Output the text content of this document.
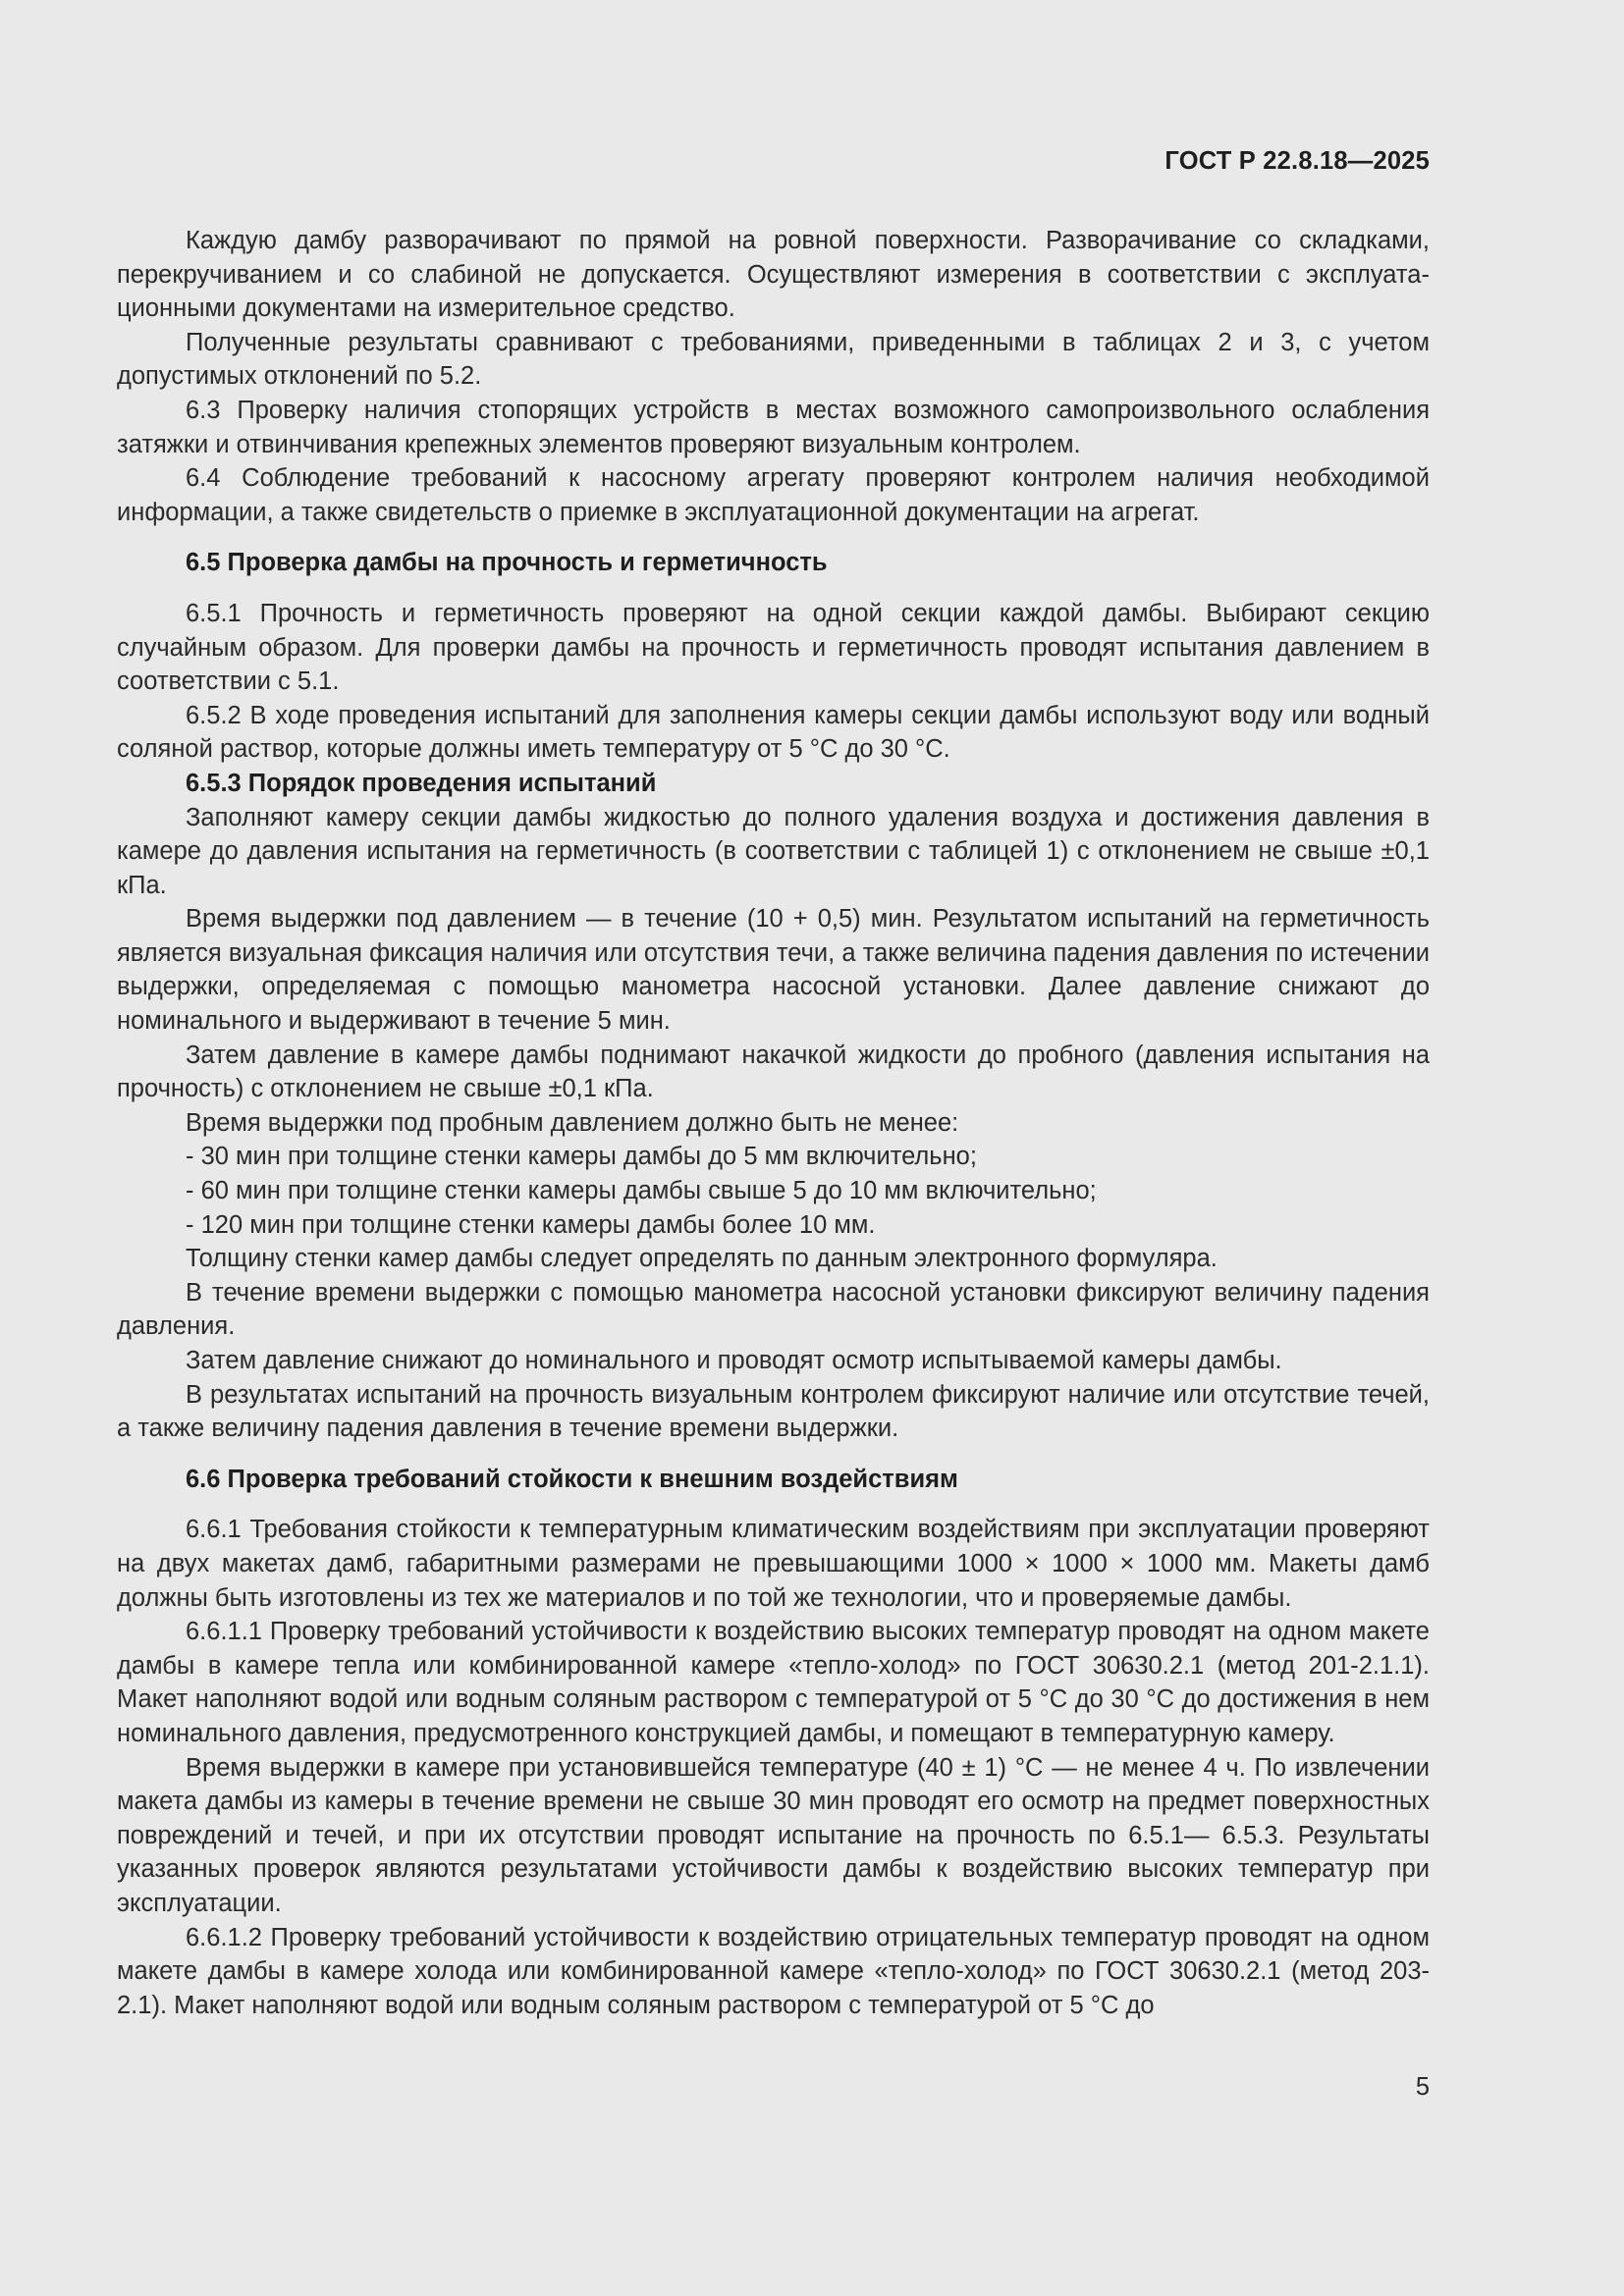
ГОСТ Р 22.8.18—2025

Каждую дамбу разворачивают по прямой на ровной поверхности. Разворачивание со складками, перекручиванием и со слабиной не допускается. Осуществляют измерения в соответствии с эксплуатационными документами на измерительное средство.

Полученные результаты сравнивают с требованиями, приведенными в таблицах 2 и 3, с учетом допустимых отклонений по 5.2.

6.3 Проверку наличия стопорящих устройств в местах возможного самопроизвольного ослабления затяжки и отвинчивания крепежных элементов проверяют визуальным контролем.

6.4 Соблюдение требований к насосному агрегату проверяют контролем наличия необходимой информации, а также свидетельств о приемке в эксплуатационной документации на агрегат.

6.5 Проверка дамбы на прочность и герметичность

6.5.1 Прочность и герметичность проверяют на одной секции каждой дамбы. Выбирают секцию случайным образом. Для проверки дамбы на прочность и герметичность проводят испытания давлением в соответствии с 5.1.

6.5.2 В ходе проведения испытаний для заполнения камеры секции дамбы используют воду или водный соляной раствор, которые должны иметь температуру от 5 °С до 30 °С.

6.5.3 Порядок проведения испытаний

Заполняют камеру секции дамбы жидкостью до полного удаления воздуха и достижения давления в камере до давления испытания на герметичность (в соответствии с таблицей 1) с отклонением не свыше ±0,1 кПа.

Время выдержки под давлением — в течение (10 + 0,5) мин. Результатом испытаний на герметичность является визуальная фиксация наличия или отсутствия течи, а также величина падения давления по истечении выдержки, определяемая с помощью манометра насосной установки. Далее давление снижают до номинального и выдерживают в течение 5 мин.

Затем давление в камере дамбы поднимают накачкой жидкости до пробного (давления испытания на прочность) с отклонением не свыше ±0,1 кПа.

Время выдержки под пробным давлением должно быть не менее:

- 30 мин при толщине стенки камеры дамбы до 5 мм включительно;

- 60 мин при толщине стенки камеры дамбы свыше 5 до 10 мм включительно;

- 120 мин при толщине стенки камеры дамбы более 10 мм.

Толщину стенки камер дамбы следует определять по данным электронного формуляра.

В течение времени выдержки с помощью манометра насосной установки фиксируют величину падения давления.

Затем давление снижают до номинального и проводят осмотр испытываемой камеры дамбы.

В результатах испытаний на прочность визуальным контролем фиксируют наличие или отсутствие течей, а также величину падения давления в течение времени выдержки.

6.6 Проверка требований стойкости к внешним воздействиям

6.6.1 Требования стойкости к температурным климатическим воздействиям при эксплуатации проверяют на двух макетах дамб, габаритными размерами не превышающими 1000 × 1000 × 1000 мм. Макеты дамб должны быть изготовлены из тех же материалов и по той же технологии, что и проверяемые дамбы.

6.6.1.1 Проверку требований устойчивости к воздействию высоких температур проводят на одном макете дамбы в камере тепла или комбинированной камере «тепло-холод» по ГОСТ 30630.2.1 (метод 201-2.1.1). Макет наполняют водой или водным соляным раствором с температурой от 5 °С до 30 °С до достижения в нем номинального давления, предусмотренного конструкцией дамбы, и помещают в температурную камеру.

Время выдержки в камере при установившейся температуре (40 ± 1) °С — не менее 4 ч. По извлечении макета дамбы из камеры в течение времени не свыше 30 мин проводят его осмотр на предмет поверхностных повреждений и течей, и при их отсутствии проводят испытание на прочность по 6.5.1— 6.5.3. Результаты указанных проверок являются результатами устойчивости дамбы к воздействию высоких температур при эксплуатации.

6.6.1.2 Проверку требований устойчивости к воздействию отрицательных температур проводят на одном макете дамбы в камере холода или комбинированной камере «тепло-холод» по ГОСТ 30630.2.1 (метод 203-2.1). Макет наполняют водой или водным соляным раствором с температурой от 5 °С до

5
